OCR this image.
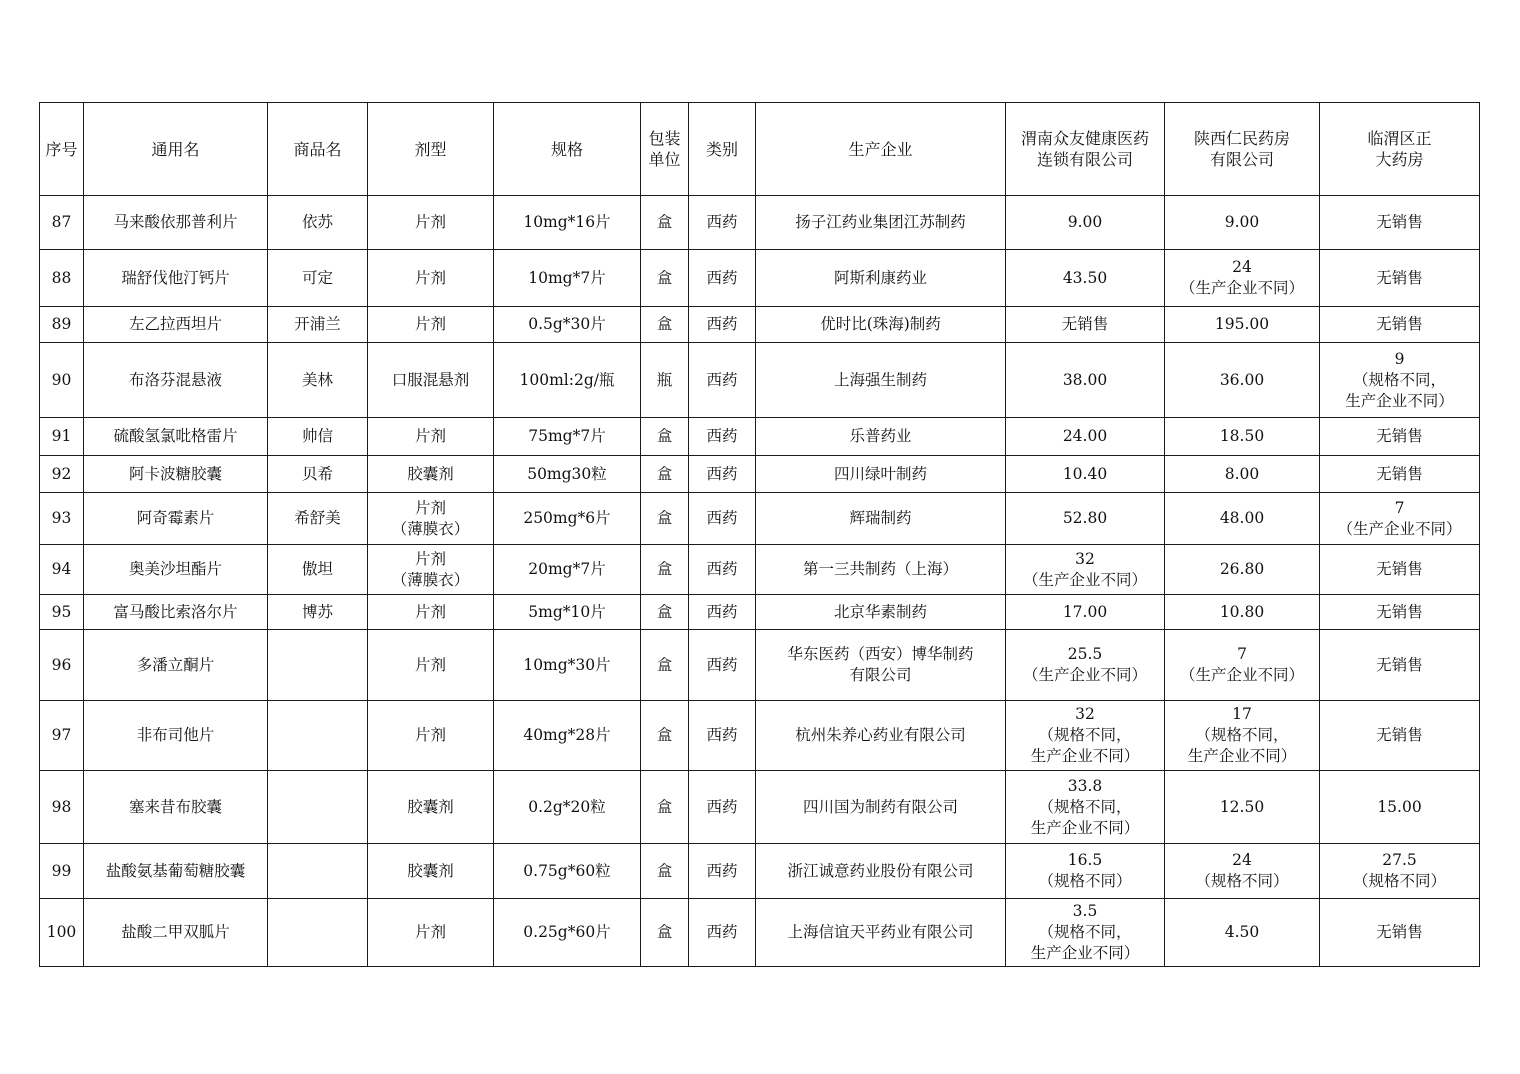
序号	通用名	商品名	剂型	规格	包装
单位	类别	生产企业	渭南众友健康医药
连锁有限公司	陕西仁民药房
有限公司	临渭区正
大药房

87	马来酸依那普利片	依苏	片剂	10mg*16片	盒	西药	扬子江药业集团江苏制药	9.00	9.00	无销售

88	瑞舒伐他汀钙片	可定	片剂	10mg*7片	盒	西药	阿斯利康药业	43.50	24
（生产企业不同）	无销售

89	左乙拉西坦片	开浦兰	片剂	0.5g*30片	盒	西药	优时比(珠海)制药	无销售	195.00	无销售

90	布洛芬混悬液	美林	口服混悬剂	100ml:2g/瓶	瓶	西药	上海强生制药	38.00	36.00	9
（规格不同，
生产企业不同）

91	硫酸氢氯吡格雷片	帅信	片剂	75mg*7片	盒	西药	乐普药业	24.00	18.50	无销售

92	阿卡波糖胶囊	贝希	胶囊剂	50mg30粒	盒	西药	四川绿叶制药	10.40	8.00	无销售

93	阿奇霉素片	希舒美	片剂
（薄膜衣）	250mg*6片	盒	西药	辉瑞制药	52.80	48.00	7
（生产企业不同）

94	奥美沙坦酯片	傲坦	片剂
（薄膜衣）	20mg*7片	盒	西药	第一三共制药（上海）	32
（生产企业不同）	26.80	无销售

95	富马酸比索洛尔片	博苏	片剂	5mg*10片	盒	西药	北京华素制药	17.00	10.80	无销售

96	多潘立酮片		片剂	10mg*30片	盒	西药	华东医药（西安）博华制药
有限公司	25.5
（生产企业不同）	7
（生产企业不同）	无销售

97	非布司他片		片剂	40mg*28片	盒	西药	杭州朱养心药业有限公司	32
（规格不同，
生产企业不同）	17
（规格不同，
生产企业不同）	无销售

98	塞来昔布胶囊		胶囊剂	0.2g*20粒	盒	西药	四川国为制药有限公司	33.8
（规格不同，
生产企业不同）	12.50	15.00

99	盐酸氨基葡萄糖胶囊		胶囊剂	0.75g*60粒	盒	西药	浙江诚意药业股份有限公司	16.5
（规格不同）	24
（规格不同）	27.5
（规格不同）

100	盐酸二甲双胍片		片剂	0.25g*60片	盒	西药	上海信谊天平药业有限公司	3.5
（规格不同，
生产企业不同）	4.50	无销售
